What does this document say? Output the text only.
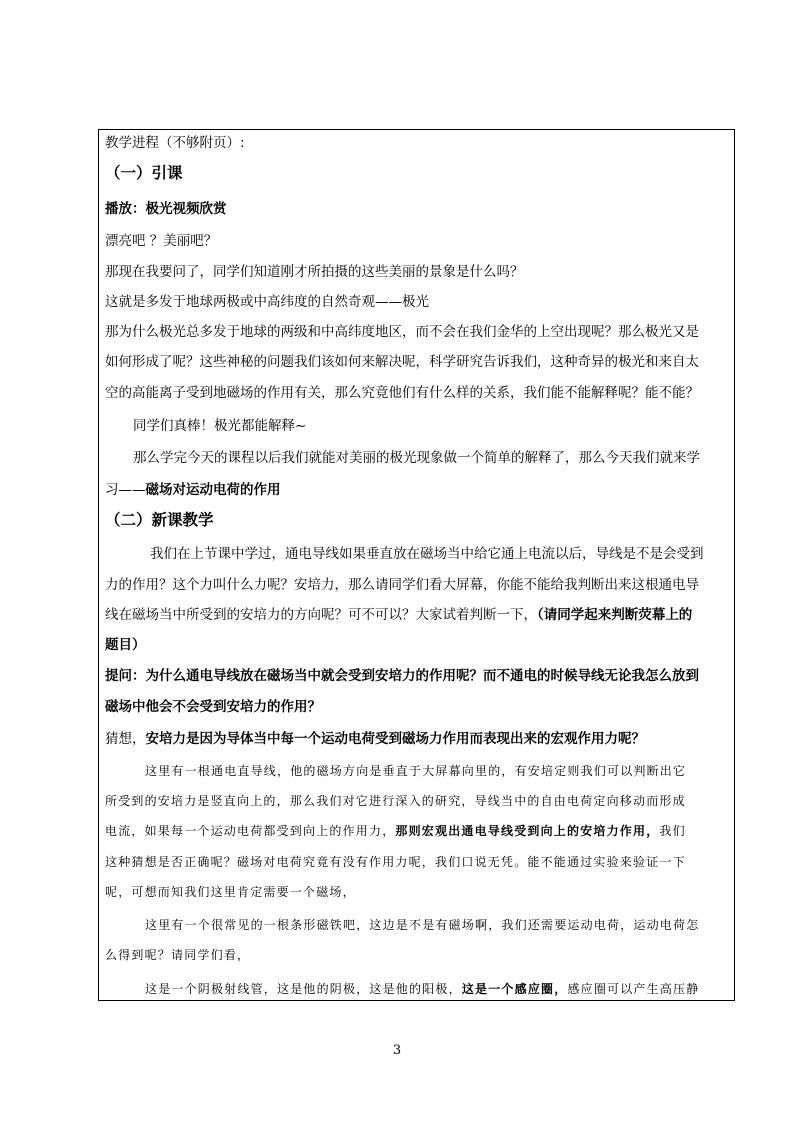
教学进程（不够附页）:
（一）引课
播放：极光视频欣赏
漂亮吧 ？美丽吧？
那现在我要问了，同学们知道刚才所拍摄的这些美丽的景象是什么吗？
这就是多发于地球两极或中高纬度的自然奇观——极光
那为什么极光总多发于地球的两级和中高纬度地区，而不会在我们金华的上空出现呢？那么极光又是
如何形成了呢？这些神秘的问题我们该如何来解决呢，科学研究告诉我们，这种奇异的极光和来自太
空的高能离子受到地磁场的作用有关，那么究竟他们有什么样的关系，我们能不能解释呢？能不能？
同学们真棒！极光都能解释~
那么学完今天的课程以后我们就能对美丽的极光现象做一个简单的解释了，那么今天我们就来学
习——磁场对运动电荷的作用
（二）新课教学
我们在上节课中学过，通电导线如果垂直放在磁场当中给它通上电流以后，导线是不是会受到
力的作用？这个力叫什么力呢？安培力，那么请同学们看大屏幕，你能不能给我判断出来这根通电导
线在磁场当中所受到的安培力的方向呢？可不可以？大家试着判断一下，（请同学起来判断荧幕上的
题目）
提问：为什么通电导线放在磁场当中就会受到安培力的作用呢？而不通电的时候导线无论我怎么放到
磁场中他会不会受到安培力的作用？
猜想，安培力是因为导体当中每一个运动电荷受到磁场力作用而表现出来的宏观作用力呢？
这里有一根通电直导线，他的磁场方向是垂直于大屏幕向里的，有安培定则我们可以判断出它
所受到的安培力是竖直向上的，那么我们对它进行深入的研究，导线当中的自由电荷定向移动而形成
电流，如果每一个运动电荷都受到向上的作用力，那则宏观出通电导线受到向上的安培力作用，我们
这种猜想是否正确呢？磁场对电荷究竟有没有作用力呢，我们口说无凭。能不能通过实验来验证一下
呢，可想而知我们这里肯定需要一个磁场，
这里有一个很常见的一根条形磁铁吧，这边是不是有磁场啊，我们还需要运动电荷，运动电荷怎
么得到呢？请同学们看，
这是一个阴极射线管，这是他的阴极，这是他的阳极，这是一个感应圈，感应圈可以产生高压静
3
